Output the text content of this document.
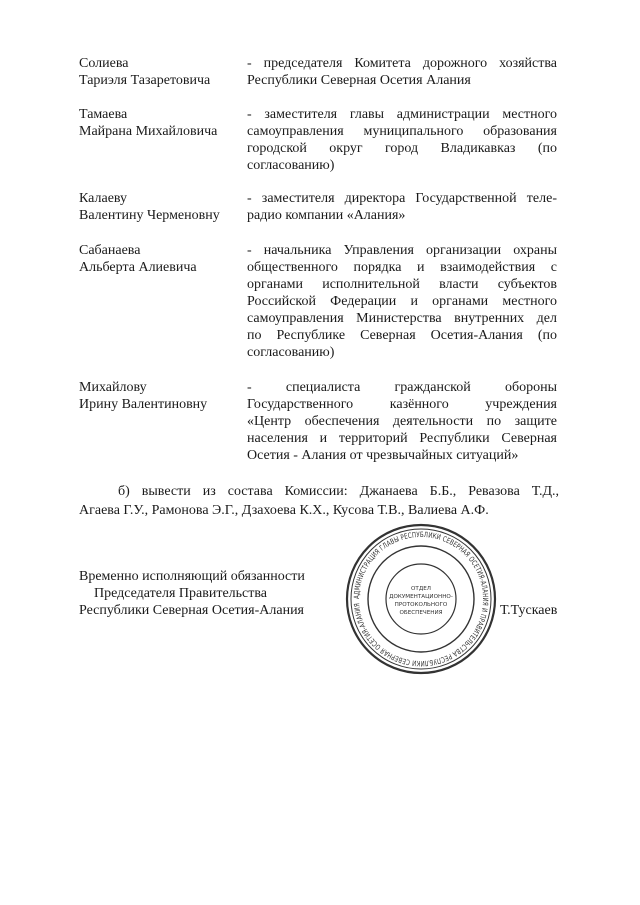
Солиева
Тариэля Тазаретовича
- председателя Комитета дорожного хозяйства
Республики Северная Осетия Алания
Тамаева
Майрана Михайловича
- заместителя главы администрации местного
самоуправления муниципального образования
городской округ город Владикавказ (по
согласованию)
Калаеву
Валентину Черменовну
- заместителя директора Государственной теле-
радио компании «Алания»
Сабанаева
Альберта Алиевича
- начальника Управления организации охраны
общественного порядка и взаимодействия с
органами исполнительной власти субъектов
Российской Федерации и органами местного
самоуправления Министерства внутренних дел
по Республике Северная Осетия-Алания (по
согласованию)
Михайлову
Ирину Валентиновну
- специалиста гражданской обороны
Государственного казённого учреждения
«Центр обеспечения деятельности по защите
населения и территорий Республики Северная
Осетия - Алания от чрезвычайных ситуаций»
б) вывести из состава Комиссии: Джанаева Б.Б., Ревазова Т.Д.,
Агаева Г.У., Рамонова Э.Г., Дзахоева К.Х., Кусова Т.В., Валиева А.Ф.
Временно исполняющий обязанности
Председателя Правительства
Республики Северная Осетия-Алания	Т.Тускаев
АДМИНИСТРАЦИЯ ГЛАВЫ РЕСПУБЛИКИ СЕВЕРНАЯ ОСЕТИЯ-АЛАНИЯ И ПРАВИТЕЛЬСТВА РЕСПУБЛИКИ СЕВЕРНАЯ ОСЕТИЯ-АЛАНИЯ
ОТДЕЛ
ДОКУМЕНТАЦИОННО-
ПРОТОКОЛЬНОГО
ОБЕСПЕЧЕНИЯ
